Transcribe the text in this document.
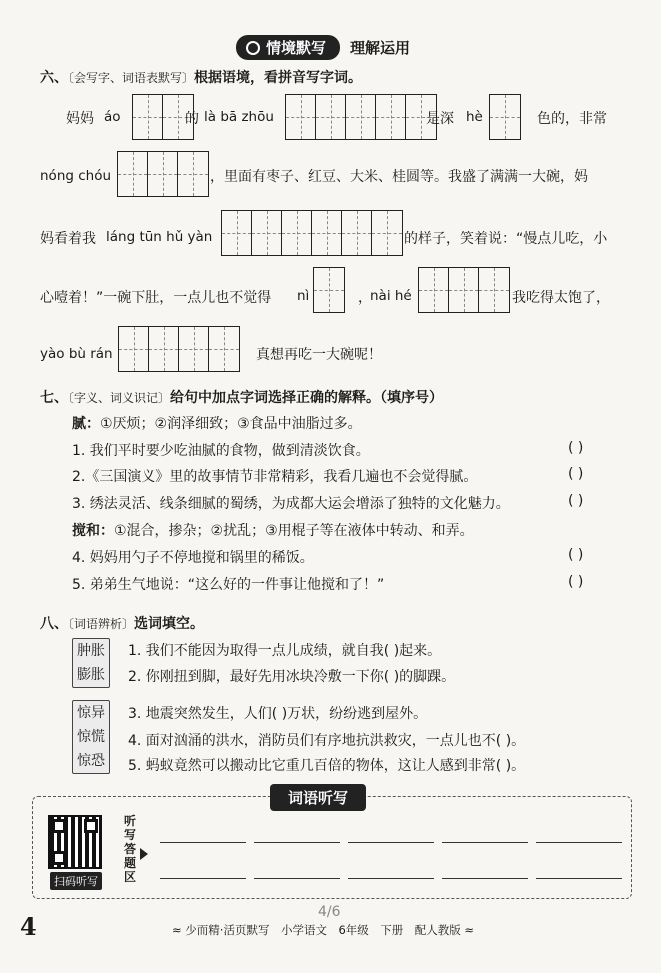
情境默写	理解运用
六、〔会写字、词语表默写〕根据语境，看拼音写字词。
妈妈 áo	的 là bā zhōu	是深 hè	色的，非常
nóng chóu	，里面有枣子、红豆、大米、桂圆等。我盛了满满一大碗，妈
妈看着我 láng tūn hǔ yàn	的样子，笑着说：“慢点儿吃，小
心噎着！”一碗下肚，一点儿也不觉得 nì	，
nài hé	我吃得太饱了，
yào bù rán	真想再吃一大碗呢！
七、〔字义、词义识记〕给句中加点字词选择正确的解释。（填序号）
腻：①厌烦；②润泽细致；③食品中油脂过多。
1. 我们平时要少吃油腻的食物，做到清淡饮食。	( )
2.《三国演义》里的故事情节非常精彩，我看几遍也不会觉得腻。	( )
3. 绣法灵活、线条细腻的蜀绣，为成都大运会增添了独特的文化魅力。	( )
搅和：①混合，掺杂；②扰乱；③用棍子等在液体中转动、和弄。
4. 妈妈用勺子不停地搅和锅里的稀饭。	( )
5. 弟弟生气地说：“这么好的一件事让他搅和了！”	( )
八、〔词语辨析〕选词填空。
肿胀
膨胀
1. 我们不能因为取得一点儿成绩，就自我( )起来。
2. 你刚扭到脚，最好先用冰块冷敷一下你( )的脚踝。
惊异
惊慌
惊恐
3. 地震突然发生，人们( )万状，纷纷逃到屋外。
4. 面对汹涌的洪水，消防员们有序地抗洪救灾，一点儿也不( )。
5. 蚂蚁竟然可以搬动比它重几百倍的物体，这让人感到非常( )。
词语听写
扫码听写
听写答题区
4	4/6
≈ 少而精·活页默写　小学语文　6年级　下册　配人教版 ≈
